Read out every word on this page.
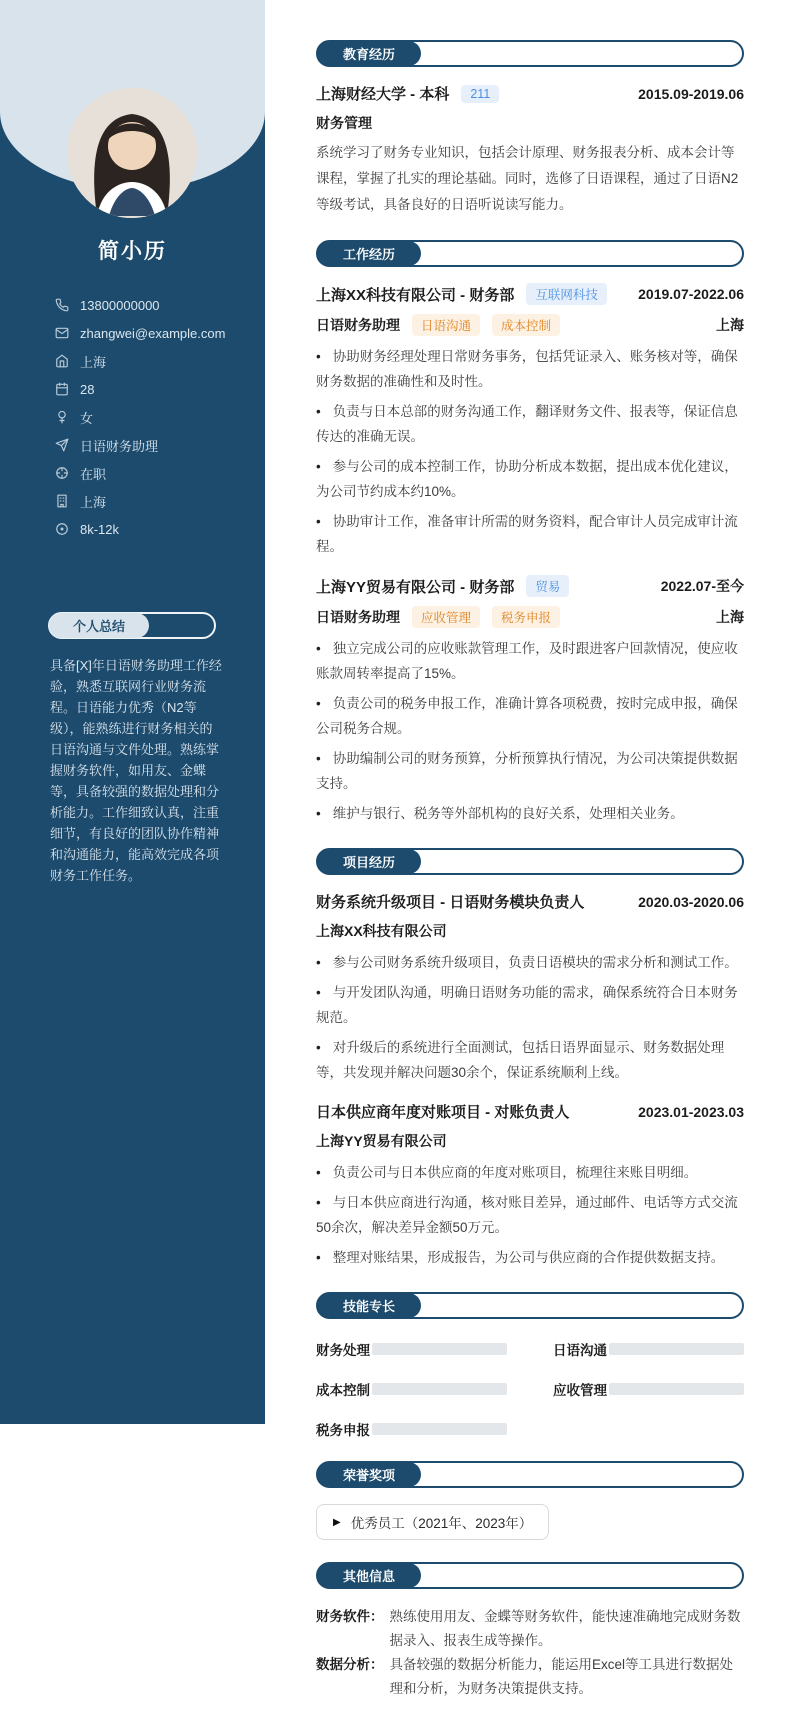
简小历
13800000000
zhangwei@example.com
上海
28
女
日语财务助理
在职
上海
8k-12k
个人总结

具备[X]年日语财务助理工作经验，熟悉互联网行业财务流程。日语能力优秀（N2等级），能熟练进行财务相关的日语沟通与文件处理。熟练掌握财务软件，如用友、金蝶等，具备较强的数据处理和分析能力。工作细致认真，注重细节，有良好的团队协作精神和沟通能力，能高效完成各项财务工作任务。

教育经历
上海财经大学 - 本科	211	2015.09-2019.06
财务管理

系统学习了财务专业知识，包括会计原理、财务报表分析、成本会计等课程，掌握了扎实的理论基础。同时，选修了日语课程，通过了日语N2等级考试，具备良好的日语听说读写能力。

工作经历
上海XX科技有限公司 - 财务部	互联网科技	2019.07-2022.06
日语财务助理	日语沟通	成本控制	上海
• 协助财务经理处理日常财务事务，包括凭证录入、账务核对等，确保财务数据的准确性和及时性。
• 负责与日本总部的财务沟通工作，翻译财务文件、报表等，保证信息传达的准确无误。
• 参与公司的成本控制工作，协助分析成本数据，提出成本优化建议，为公司节约成本约10%。
• 协助审计工作，准备审计所需的财务资料，配合审计人员完成审计流程。
上海YY贸易有限公司 - 财务部	贸易	2022.07-至今
日语财务助理	应收管理	税务申报	上海
• 独立完成公司的应收账款管理工作，及时跟进客户回款情况，使应收账款周转率提高了15%。
• 负责公司的税务申报工作，准确计算各项税费，按时完成申报，确保公司税务合规。
• 协助编制公司的财务预算，分析预算执行情况，为公司决策提供数据支持。
• 维护与银行、税务等外部机构的良好关系，处理相关业务。
项目经历
财务系统升级项目 - 日语财务模块负责人	2020.03-2020.06
上海XX科技有限公司
• 参与公司财务系统升级项目，负责日语模块的需求分析和测试工作。
• 与开发团队沟通，明确日语财务功能的需求，确保系统符合日本财务规范。
• 对升级后的系统进行全面测试，包括日语界面显示、财务数据处理等，共发现并解决问题30余个，保证系统顺利上线。
日本供应商年度对账项目 - 对账负责人	2023.01-2023.03
上海YY贸易有限公司
• 负责公司与日本供应商的年度对账项目，梳理往来账目明细。
• 与日本供应商进行沟通，核对账目差异，通过邮件、电话等方式交流50余次，解决差异金额50万元。
• 整理对账结果，形成报告，为公司与供应商的合作提供数据支持。
技能专长
财务处理	日语沟通
成本控制	应收管理
税务申报
荣誉奖项
▶ 优秀员工（2021年、2023年）
其他信息
财务软件： 熟练使用用友、金蝶等财务软件，能快速准确地完成财务数据录入、报表生成等操作。
数据分析： 具备较强的数据分析能力，能运用Excel等工具进行数据处理和分析，为财务决策提供支持。
